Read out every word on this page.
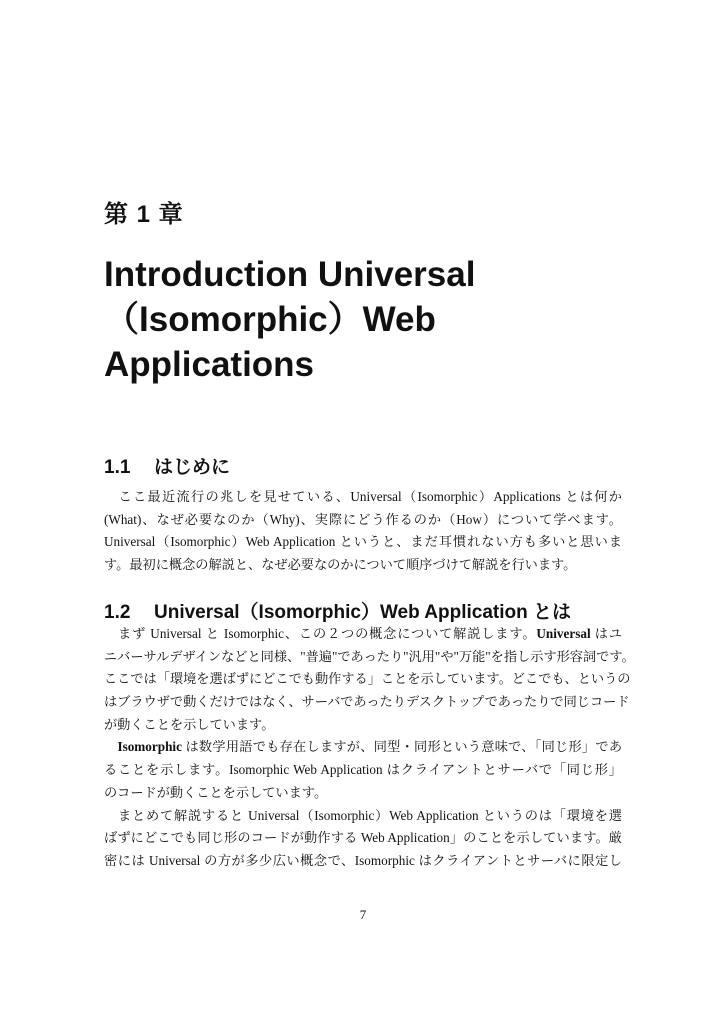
第 1 章
Introduction Universal
（Isomorphic）Web
Applications
1.1 はじめに
　ここ最近流行の兆しを見せている、Universal（Isomorphic）Applications とは何か
(What)、なぜ必要なのか（Why)、実際にどう作るのか（How）について学べます。
Universal（Isomorphic）Web Application というと、まだ耳慣れない方も多いと思いま
す。最初に概念の解説と、なぜ必要なのかについて順序づけて解説を行います。
1.2 Universal（Isomorphic）Web Application とは
　まず Universal と Isomorphic、この２つの概念について解説します。Universal はユ
ニバーサルデザインなどと同様、"普遍"であったり"汎用"や"万能"を指し示す形容詞です。
ここでは「環境を選ばずにどこでも動作する」ことを示しています。どこでも、というの
はブラウザで動くだけではなく、サーバであったりデスクトップであったりで同じコード
が動くことを示しています。
　Isomorphic は数学用語でも存在しますが、同型・同形という意味で、「同じ形」であ
ることを示します。Isomorphic Web Application はクライアントとサーバで「同じ形」
のコードが動くことを示しています。
　まとめて解説すると Universal（Isomorphic）Web Application というのは「環境を選
ばずにどこでも同じ形のコードが動作する Web Application」のことを示しています。厳
密には Universal の方が多少広い概念で、Isomorphic はクライアントとサーバに限定し
7
